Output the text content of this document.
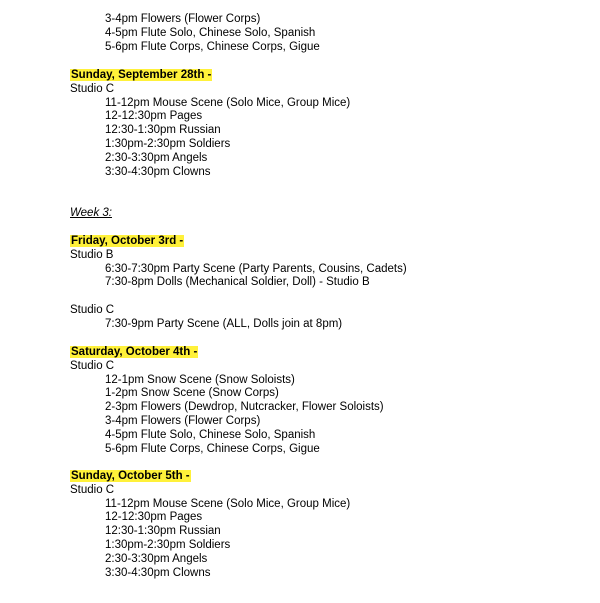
3-4pm Flowers (Flower Corps)
4-5pm Flute Solo, Chinese Solo, Spanish
5-6pm Flute Corps, Chinese Corps, Gigue
Sunday, September 28th -
Studio C
11-12pm Mouse Scene (Solo Mice, Group Mice)
12-12:30pm Pages
12:30-1:30pm Russian
1:30pm-2:30pm Soldiers
2:30-3:30pm Angels
3:30-4:30pm Clowns
Week 3:
Friday, October 3rd -
Studio B
6:30-7:30pm Party Scene (Party Parents, Cousins, Cadets)
7:30-8pm Dolls (Mechanical Soldier, Doll) - Studio B
Studio C
7:30-9pm Party Scene (ALL, Dolls join at 8pm)
Saturday, October 4th -
Studio C
12-1pm Snow Scene (Snow Soloists)
1-2pm Snow Scene (Snow Corps)
2-3pm Flowers (Dewdrop, Nutcracker, Flower Soloists)
3-4pm Flowers (Flower Corps)
4-5pm Flute Solo, Chinese Solo, Spanish
5-6pm Flute Corps, Chinese Corps, Gigue
Sunday, October 5th -
Studio C
11-12pm Mouse Scene (Solo Mice, Group Mice)
12-12:30pm Pages
12:30-1:30pm Russian
1:30pm-2:30pm Soldiers
2:30-3:30pm Angels
3:30-4:30pm Clowns
